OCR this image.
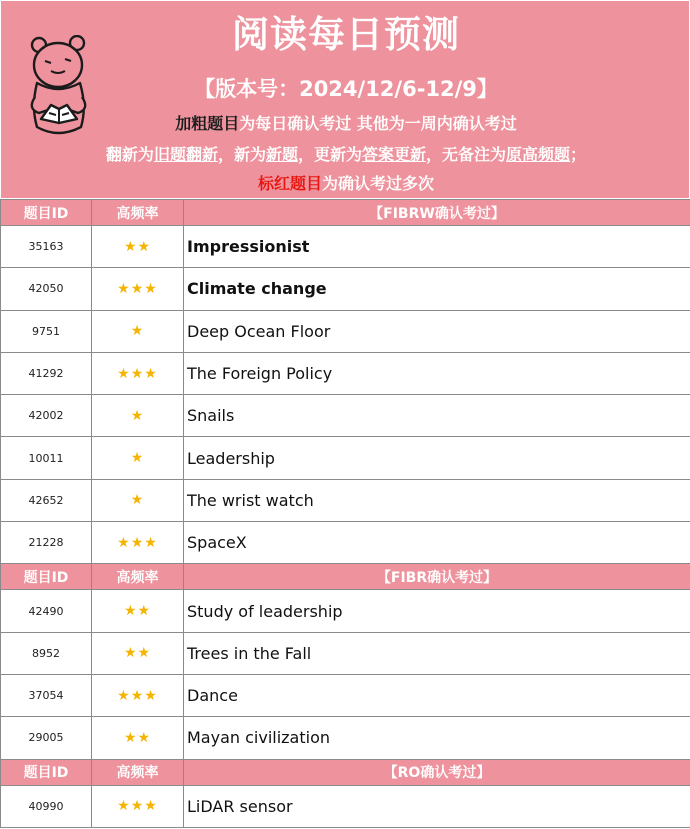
阅读每日预测
【版本号：2024/12/6-12/9】
加粗题目为每日确认考过 其他为一周内确认考过
翻新为旧题翻新，新为新题，更新为答案更新，无备注为原高频题；
标红题目为确认考过多次
题目ID	高频率	【FIBRW确认考过】
35163	★★	Impressionist
42050	★★★	Climate change
9751	★	Deep Ocean Floor
41292	★★★	The Foreign Policy
42002	★	Snails
10011	★	Leadership
42652	★	The wrist watch
21228	★★★	SpaceX
题目ID	高频率	【FIBR确认考过】
42490	★★	Study of leadership
8952	★★	Trees in the Fall
37054	★★★	Dance
29005	★★	Mayan civilization
题目ID	高频率	【RO确认考过】
40990	★★★	LiDAR sensor
